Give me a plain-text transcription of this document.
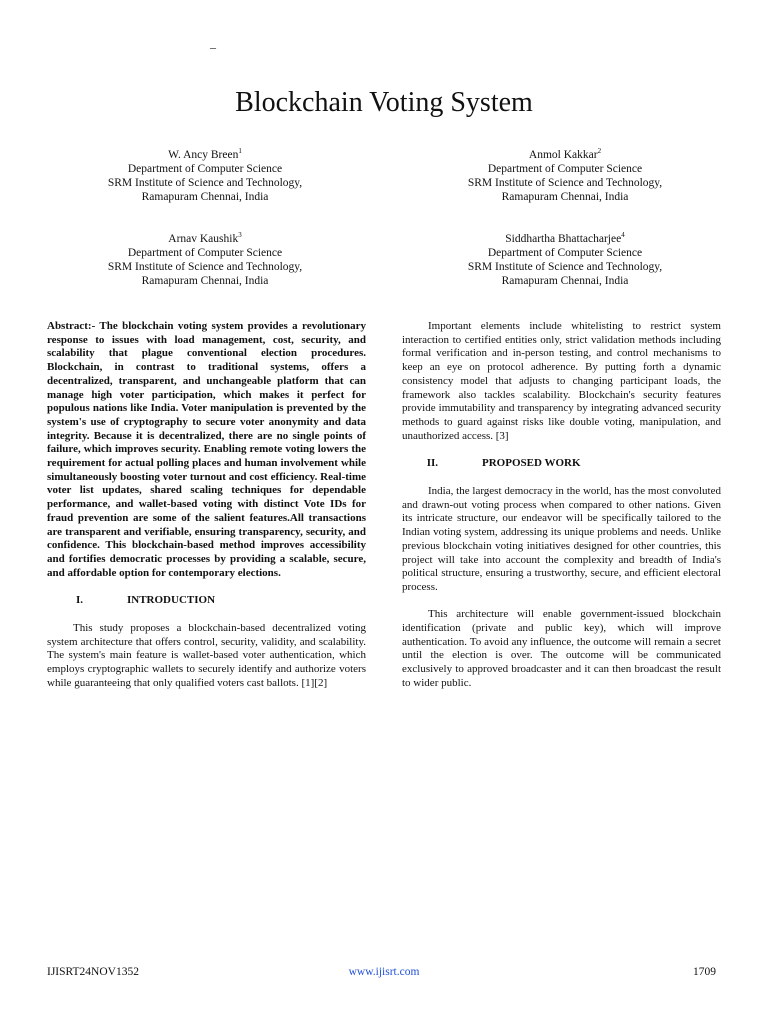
–
Blockchain Voting System
W. Ancy Breen$^1$
Department of Computer Science
SRM Institute of Science and Technology,
Ramapuram Chennai, India
Anmol Kakkar$^2$
Department of Computer Science
SRM Institute of Science and Technology,
Ramapuram Chennai, India
Arnav Kaushik$^3$
Department of Computer Science
SRM Institute of Science and Technology,
Ramapuram Chennai, India
Siddhartha Bhattacharjee$^4$
Department of Computer Science
SRM Institute of Science and Technology,
Ramapuram Chennai, India

Abstract:- The blockchain voting system provides a revolutionary response to issues with load management, cost, security, and scalability that plague conventional election procedures. Blockchain, in contrast to traditional systems, offers a decentralized, transparent, and unchangeable platform that can manage high voter participation, which makes it perfect for populous nations like India. Voter manipulation is prevented by the system's use of cryptography to secure voter anonymity and data integrity. Because it is decentralized, there are no single points of failure, which improves security. Enabling remote voting lowers the requirement for actual polling places and human involvement while simultaneously boosting voter turnout and cost efficiency. Real-time voter list updates, shared scaling techniques for dependable performance, and wallet-based voting with distinct Vote IDs for fraud prevention are some of the salient features.All transactions are transparent and verifiable, ensuring transparency, security, and confidence. This blockchain-based method improves accessibility and fortifies democratic processes by providing a scalable, secure, and affordable option for contemporary elections.

I.	INTRODUCTION

This study proposes a blockchain-based decentralized voting system architecture that offers control, security, validity, and scalability. The system's main feature is wallet-based voter authentication, which employs cryptographic wallets to securely identify and authorize voters while guaranteeing that only qualified voters cast ballots. [1][2]

Important elements include whitelisting to restrict system interaction to certified entities only, strict validation methods including formal verification and in-person testing, and control mechanisms to keep an eye on protocol adherence. By putting forth a dynamic consistency model that adjusts to changing participant loads, the framework also tackles scalability. Blockchain's security features provide immutability and transparency by integrating advanced security methods to guard against risks like double voting, manipulation, and unauthorized access. [3]

II.	PROPOSED WORK

India, the largest democracy in the world, has the most convoluted and drawn-out voting process when compared to other nations. Given its intricate structure, our endeavor will be specifically tailored to the Indian voting system, addressing its unique problems and needs. Unlike previous blockchain voting initiatives designed for other countries, this project will take into account the complexity and breadth of India's political structure, ensuring a trustworthy, secure, and efficient electoral process.

This architecture will enable government-issued blockchain identification (private and public key), which will improve authentication. To avoid any influence, the outcome will remain a secret until the election is over. The outcome will be communicated exclusively to approved broadcaster and it can then broadcast the result to wider public.

IJISRT24NOV1352	www.ijisrt.com	1709
